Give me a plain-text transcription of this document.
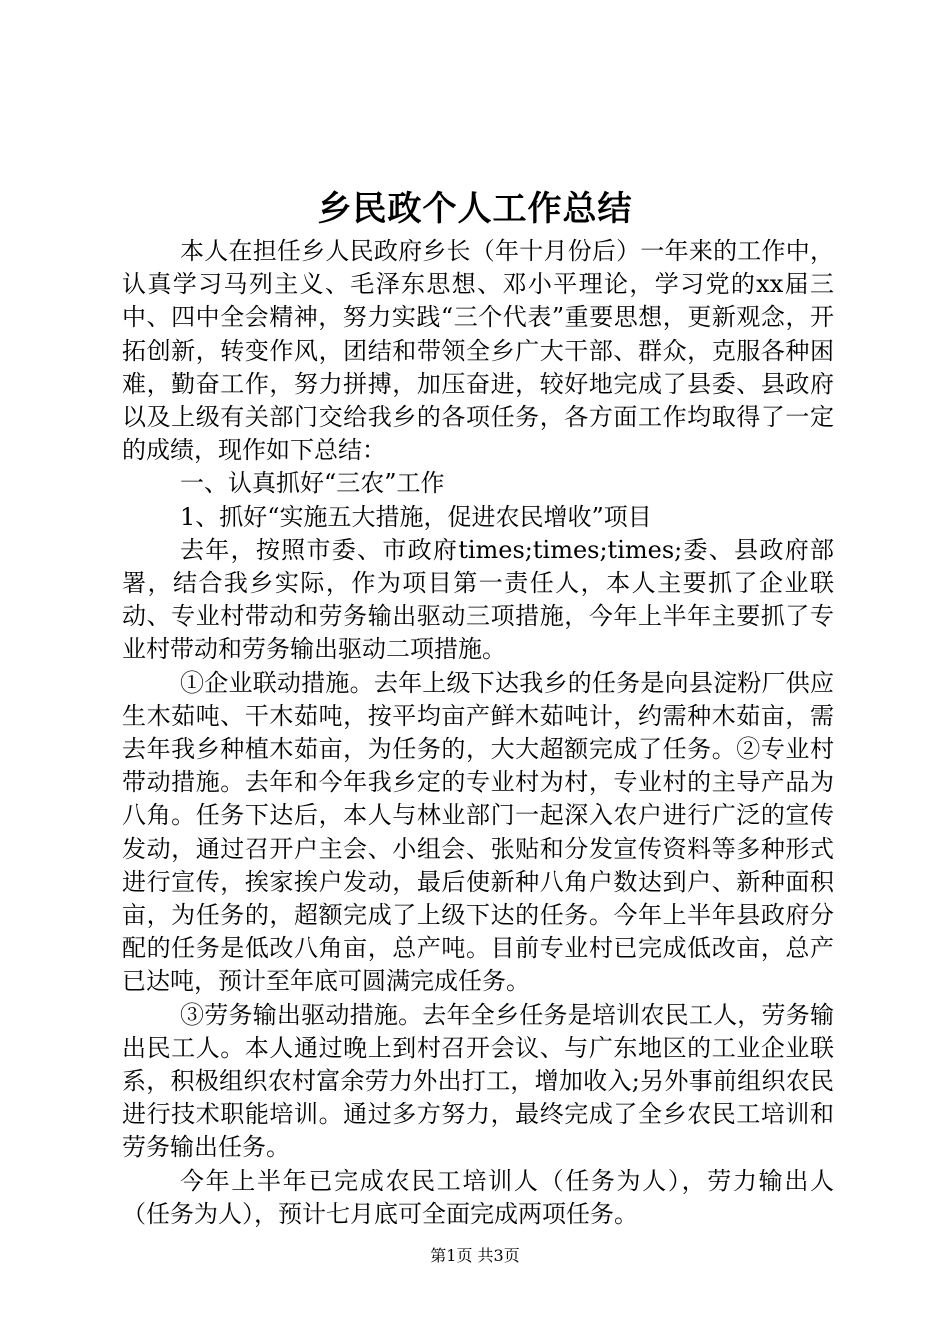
乡民政个人工作总结

本人在担任乡人民政府乡长（年十月份后）一年来的工作中，认真学习马列主义、毛泽东思想、邓小平理论，学习党的xx届三中、四中全会精神，努力实践“三个代表”重要思想，更新观念，开拓创新，转变作风，团结和带领全乡广大干部、群众，克服各种困难，勤奋工作，努力拼搏，加压奋进，较好地完成了县委、县政府以及上级有关部门交给我乡的各项任务，各方面工作均取得了一定的成绩，现作如下总结：

一、认真抓好“三农”工作

1、抓好“实施五大措施，促进农民增收”项目

去年，按照市委、市政府times;times;times;委、县政府部署，结合我乡实际，作为项目第一责任人，本人主要抓了企业联动、专业村带动和劳务输出驱动三项措施，今年上半年主要抓了专业村带动和劳务输出驱动二项措施。

①企业联动措施。去年上级下达我乡的任务是向县淀粉厂供应生木茹吨、干木茹吨，按平均亩产鲜木茹吨计，约需种木茹亩，需去年我乡种植木茹亩，为任务的，大大超额完成了任务。②专业村带动措施。去年和今年我乡定的专业村为村，专业村的主导产品为八角。任务下达后，本人与林业部门一起深入农户进行广泛的宣传发动，通过召开户主会、小组会、张贴和分发宣传资料等多种形式进行宣传，挨家挨户发动，最后使新种八角户数达到户、新种面积亩，为任务的，超额完成了上级下达的任务。今年上半年县政府分配的任务是低改八角亩，总产吨。目前专业村已完成低改亩，总产已达吨，预计至年底可圆满完成任务。

③劳务输出驱动措施。去年全乡任务是培训农民工人，劳务输出民工人。本人通过晚上到村召开会议、与广东地区的工业企业联系，积极组织农村富余劳力外出打工，增加收入;另外事前组织农民进行技术职能培训。通过多方努力，最终完成了全乡农民工培训和劳务输出任务。

今年上半年已完成农民工培训人（任务为人），劳力输出人（任务为人），预计七月底可全面完成两项任务。

第1页 共3页
